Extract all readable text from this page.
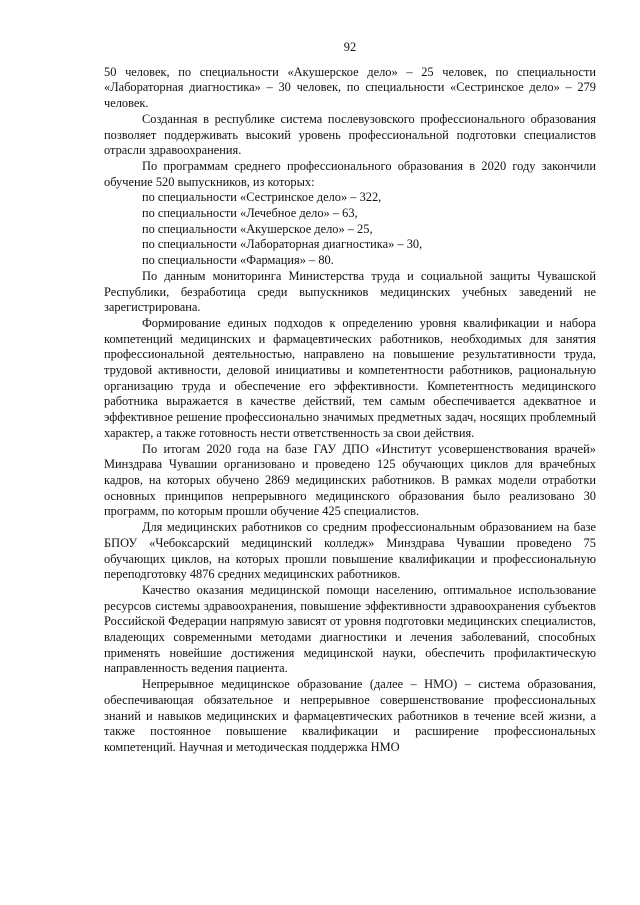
92

50 человек, по специальности «Акушерское дело» – 25 человек, по специальности «Лабораторная диагностика» – 30 человек, по специальности «Сестринское дело» – 279 человек.

Созданная в республике система послевузовского профессионального образования позволяет поддерживать высокий уровень профессиональной подготовки специалистов отрасли здравоохранения.

По программам среднего профессионального образования в 2020 году закончили обучение 520 выпускников, из которых:

по специальности «Сестринское дело» – 322,

по специальности «Лечебное дело» – 63,

по специальности «Акушерское дело» – 25,

по специальности «Лабораторная диагностика» – 30,

по специальности «Фармация» – 80.

По данным мониторинга Министерства труда и социальной защиты Чувашской Республики, безработица среди выпускников медицинских учебных заведений не зарегистрирована.

Формирование единых подходов к определению уровня квалификации и набора компетенций медицинских и фармацевтических работников, необходимых для занятия профессиональной деятельностью, направлено на повышение результативности труда, трудовой активности, деловой инициативы и компетентности работников, рациональную организацию труда и обеспечение его эффективности. Компетентность медицинского работника выражается в качестве действий, тем самым обеспечивается адекватное и эффективное решение профессионально значимых предметных задач, носящих проблемный характер, а также готовность нести ответственность за свои действия.

По итогам 2020 года на базе ГАУ ДПО «Институт усовершенствования врачей» Минздрава Чувашии организовано и проведено 125 обучающих циклов для врачебных кадров, на которых обучено 2869 медицинских работников. В рамках модели отработки основных принципов непрерывного медицинского образования было реализовано 30 программ, по которым прошли обучение 425 специалистов.

Для медицинских работников со средним профессиональным образованием на базе БПОУ «Чебоксарский медицинский колледж» Минздрава Чувашии проведено 75 обучающих циклов, на которых прошли повышение квалификации и профессиональную переподготовку 4876 средних медицинских работников.

Качество оказания медицинской помощи населению, оптимальное использование ресурсов системы здравоохранения, повышение эффективности здравоохранения субъектов Российской Федерации напрямую зависят от уровня подготовки медицинских специалистов, владеющих современными методами диагностики и лечения заболеваний, способных применять новейшие достижения медицинской науки, обеспечить профилактическую направленность ведения пациента.

Непрерывное медицинское образование (далее – НМО) – система образования, обеспечивающая обязательное и непрерывное совершенствование профессиональных знаний и навыков медицинских и фармацевтических работников в течение всей жизни, а также постоянное повышение квалификации и расширение профессиональных компетенций. Научная и методическая поддержка НМО
